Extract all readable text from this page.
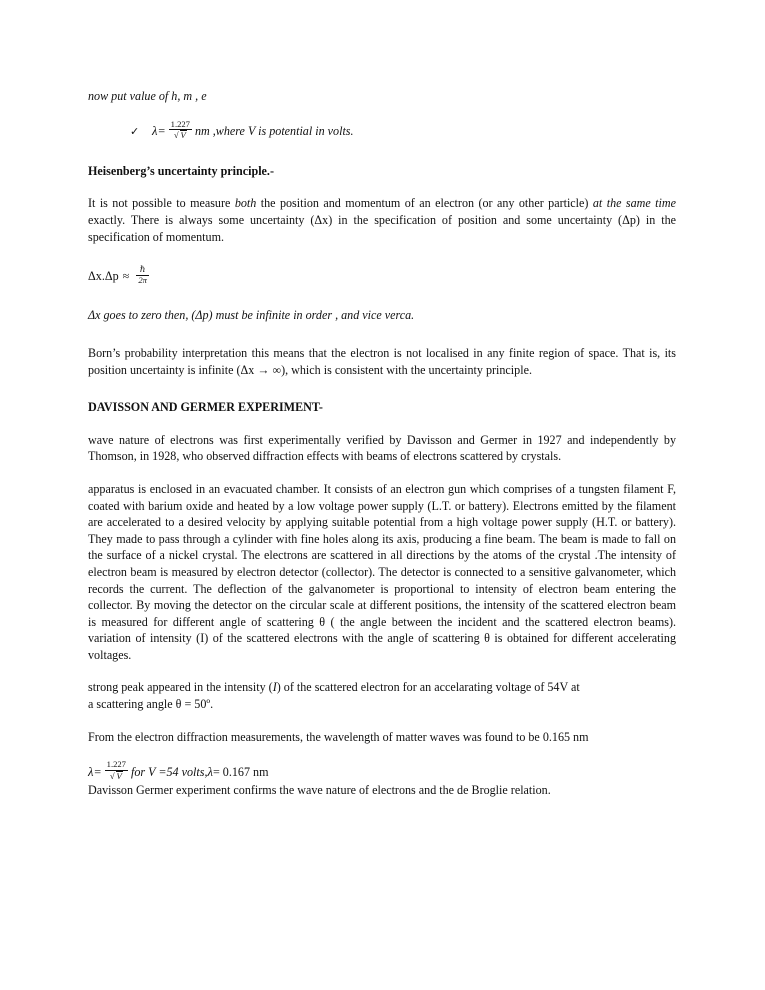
now put value of h, m , e

✓	$\lambda = \frac{1.227}{√ V}$ nm ,where V is potential in volts.

Heisenberg’s uncertainty principle.-

It is not possible to measure both the position and momentum of an electron (or any other particle) at the same time exactly. There is always some uncertainty (Δx) in the specification of position and some uncertainty (Δp) in the specification of momentum.

$\Delta x.\Delta p \approx \frac{\text{ℏ}}{2\pi}$

Δx goes to zero then, (Δp) must be infinite in order , and vice verca.

Born’s probability interpretation this means that the electron is not localised in any finite region of space. That is, its position uncertainty is infinite (Δx → ∞), which is consistent with the uncertainty principle.

DAVISSON AND GERMER EXPERIMENT-

wave nature of electrons was first experimentally verified by Davisson and Germer in 1927 and independently by Thomson, in 1928, who observed diffraction effects with beams of electrons scattered by crystals.

apparatus is enclosed in an evacuated chamber. It consists of an electron gun which comprises of a tungsten filament F, coated with barium oxide and heated by a low voltage power supply (L.T. or battery). Electrons emitted by the filament are accelerated to a desired velocity by applying suitable potential from a high voltage power supply (H.T. or battery). They made to pass through a cylinder with fine holes along its axis, producing a fine beam. The beam is made to fall on the surface of a nickel crystal. The electrons are scattered in all directions by the atoms of the crystal .The intensity of electron beam is measured by electron detector (collector). The detector is connected to a sensitive galvanometer, which records the current. The deflection of the galvanometer is proportional to intensity of electron beam entering the collector. By moving the detector on the circular scale at different positions, the intensity of the scattered electron beam is measured for different angle of scattering θ ( the angle between the incident and the scattered electron beams). variation of intensity (I) of the scattered electrons with the angle of scattering θ is obtained for different accelerating voltages.

strong peak appeared in the intensity (I) of the scattered electron for an accelarating voltage of 54V at

a scattering angle θ = 50º.

From the electron diffraction measurements, the wavelength of matter waves was found to be 0.165 nm

$\lambda = \frac{1.227}{√ V}$ for V =54 volts , λ = 0.167 nm

Davisson Germer experiment confirms the wave nature of electrons and the de Broglie relation.
